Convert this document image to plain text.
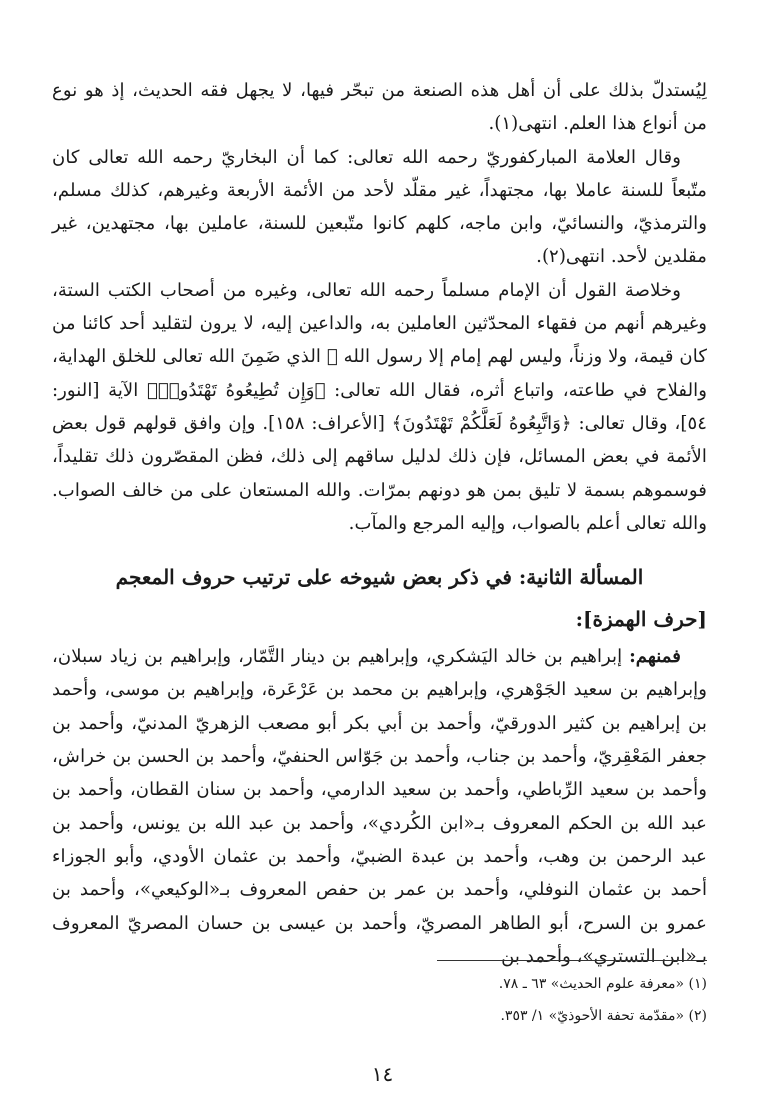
لِيُستدلّ بذلك على أن أهل هذه الصنعة من تبحّر فيها، لا يجهل فقه الحديث، إذ هو نوع من أنواع هذا العلم. انتهى(١).

وقال العلامة المباركفوريّ رحمه الله تعالى: كما أن البخاريّ رحمه الله تعالى كان متّبعاً للسنة عاملا بها، مجتهداً، غير مقلّد لأحد من الأئمة الأربعة وغيرهم، كذلك مسلم، والترمذيّ، والنسائيّ، وابن ماجه، كلهم كانوا متّبعين للسنة، عاملين بها، مجتهدين، غير مقلدين لأحد. انتهى(٢).

وخلاصة القول أن الإمام مسلماً رحمه الله تعالى، وغيره من أصحاب الكتب الستة، وغيرهم أنهم من فقهاء المحدّثين العاملين به، والداعين إليه، لا يرون لتقليد أحد كائنا من كان قيمة، ولا وزناً، وليس لهم إمام إلا رسول الله ﷺ الذي ضَمِنَ الله تعالى للخلق الهداية، والفلاح في طاعته، واتباع أثره، فقال الله تعالى: ﴿وَإِن تُطِيعُوهُ تَهْتَدُوا۟﴾ الآية [النور: ٥٤]، وقال تعالى: ﴿وَاتَّبِعُوهُ لَعَلَّكُمْ تَهْتَدُونَ﴾ [الأعراف: ١٥٨]. وإن وافق قولهم قول بعض الأئمة في بعض المسائل، فإن ذلك لدليل ساقهم إلى ذلك، فظن المقصّرون ذلك تقليداً، فوسموهم بسمة لا تليق بمن هو دونهم بمرّات. والله المستعان على من خالف الصواب. والله تعالى أعلم بالصواب، وإليه المرجع والمآب.

المسألة الثانية: في ذكر بعض شيوخه على ترتيب حروف المعجم
[حرف الهمزة]:

فمنهم: إبراهيم بن خالد اليَشكري، وإبراهيم بن دينار التَّمّار، وإبراهيم بن زياد سبلان، وإبراهيم بن سعيد الجَوْهري، وإبراهيم بن محمد بن عَرْعَرة، وإبراهيم بن موسى، وأحمد بن إبراهيم بن كثير الدورقيّ، وأحمد بن أبي بكر أبو مصعب الزهريّ المدنيّ، وأحمد بن جعفر المَعْقِريّ، وأحمد بن جناب، وأحمد بن جَوّاس الحنفيّ، وأحمد بن الحسن بن خراش، وأحمد بن سعيد الرِّباطي، وأحمد بن سعيد الدارمي، وأحمد بن سنان القطان، وأحمد بن عبد الله بن الحكم المعروف بـ«ابن الكُردي»، وأحمد بن عبد الله بن يونس، وأحمد بن عبد الرحمن بن وهب، وأحمد بن عبدة الضبيّ، وأحمد بن عثمان الأودي، وأبو الجوزاء أحمد بن عثمان النوفلي، وأحمد بن عمر بن حفص المعروف بـ«الوكيعي»، وأحمد بن عمرو بن السرح، أبو الطاهر المصريّ، وأحمد بن عيسى بن حسان المصريّ المعروف بـ«ابن التستري»، وأحمد بن

(١) «معرفة علوم الحديث» ٦٣ ـ ٧٨.

(٢) «مقدّمة تحفة الأحوذيّ» ١/ ٣٥٣.

١٤
